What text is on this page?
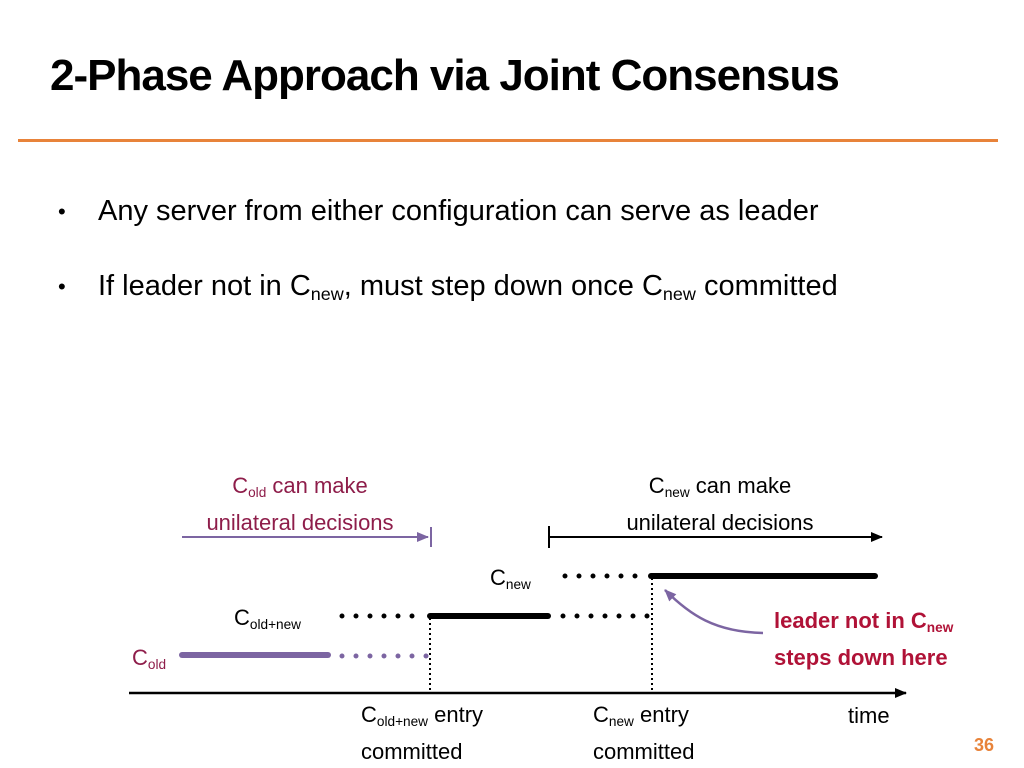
2-Phase Approach via Joint Consensus
• Any server from either configuration can serve as leader
• If leader not in $C_{new}$, must step down once $C_{new}$ committed
$C_{old}$ can make
unilateral decisions
$C_{new}$ can make
unilateral decisions
$C_{old}$
$C_{old+new}$
$C_{new}$
$C_{old+new}$ entry
committed
$C_{new}$ entry
committed
time
leader not in $C_{new}$
steps down here
36
